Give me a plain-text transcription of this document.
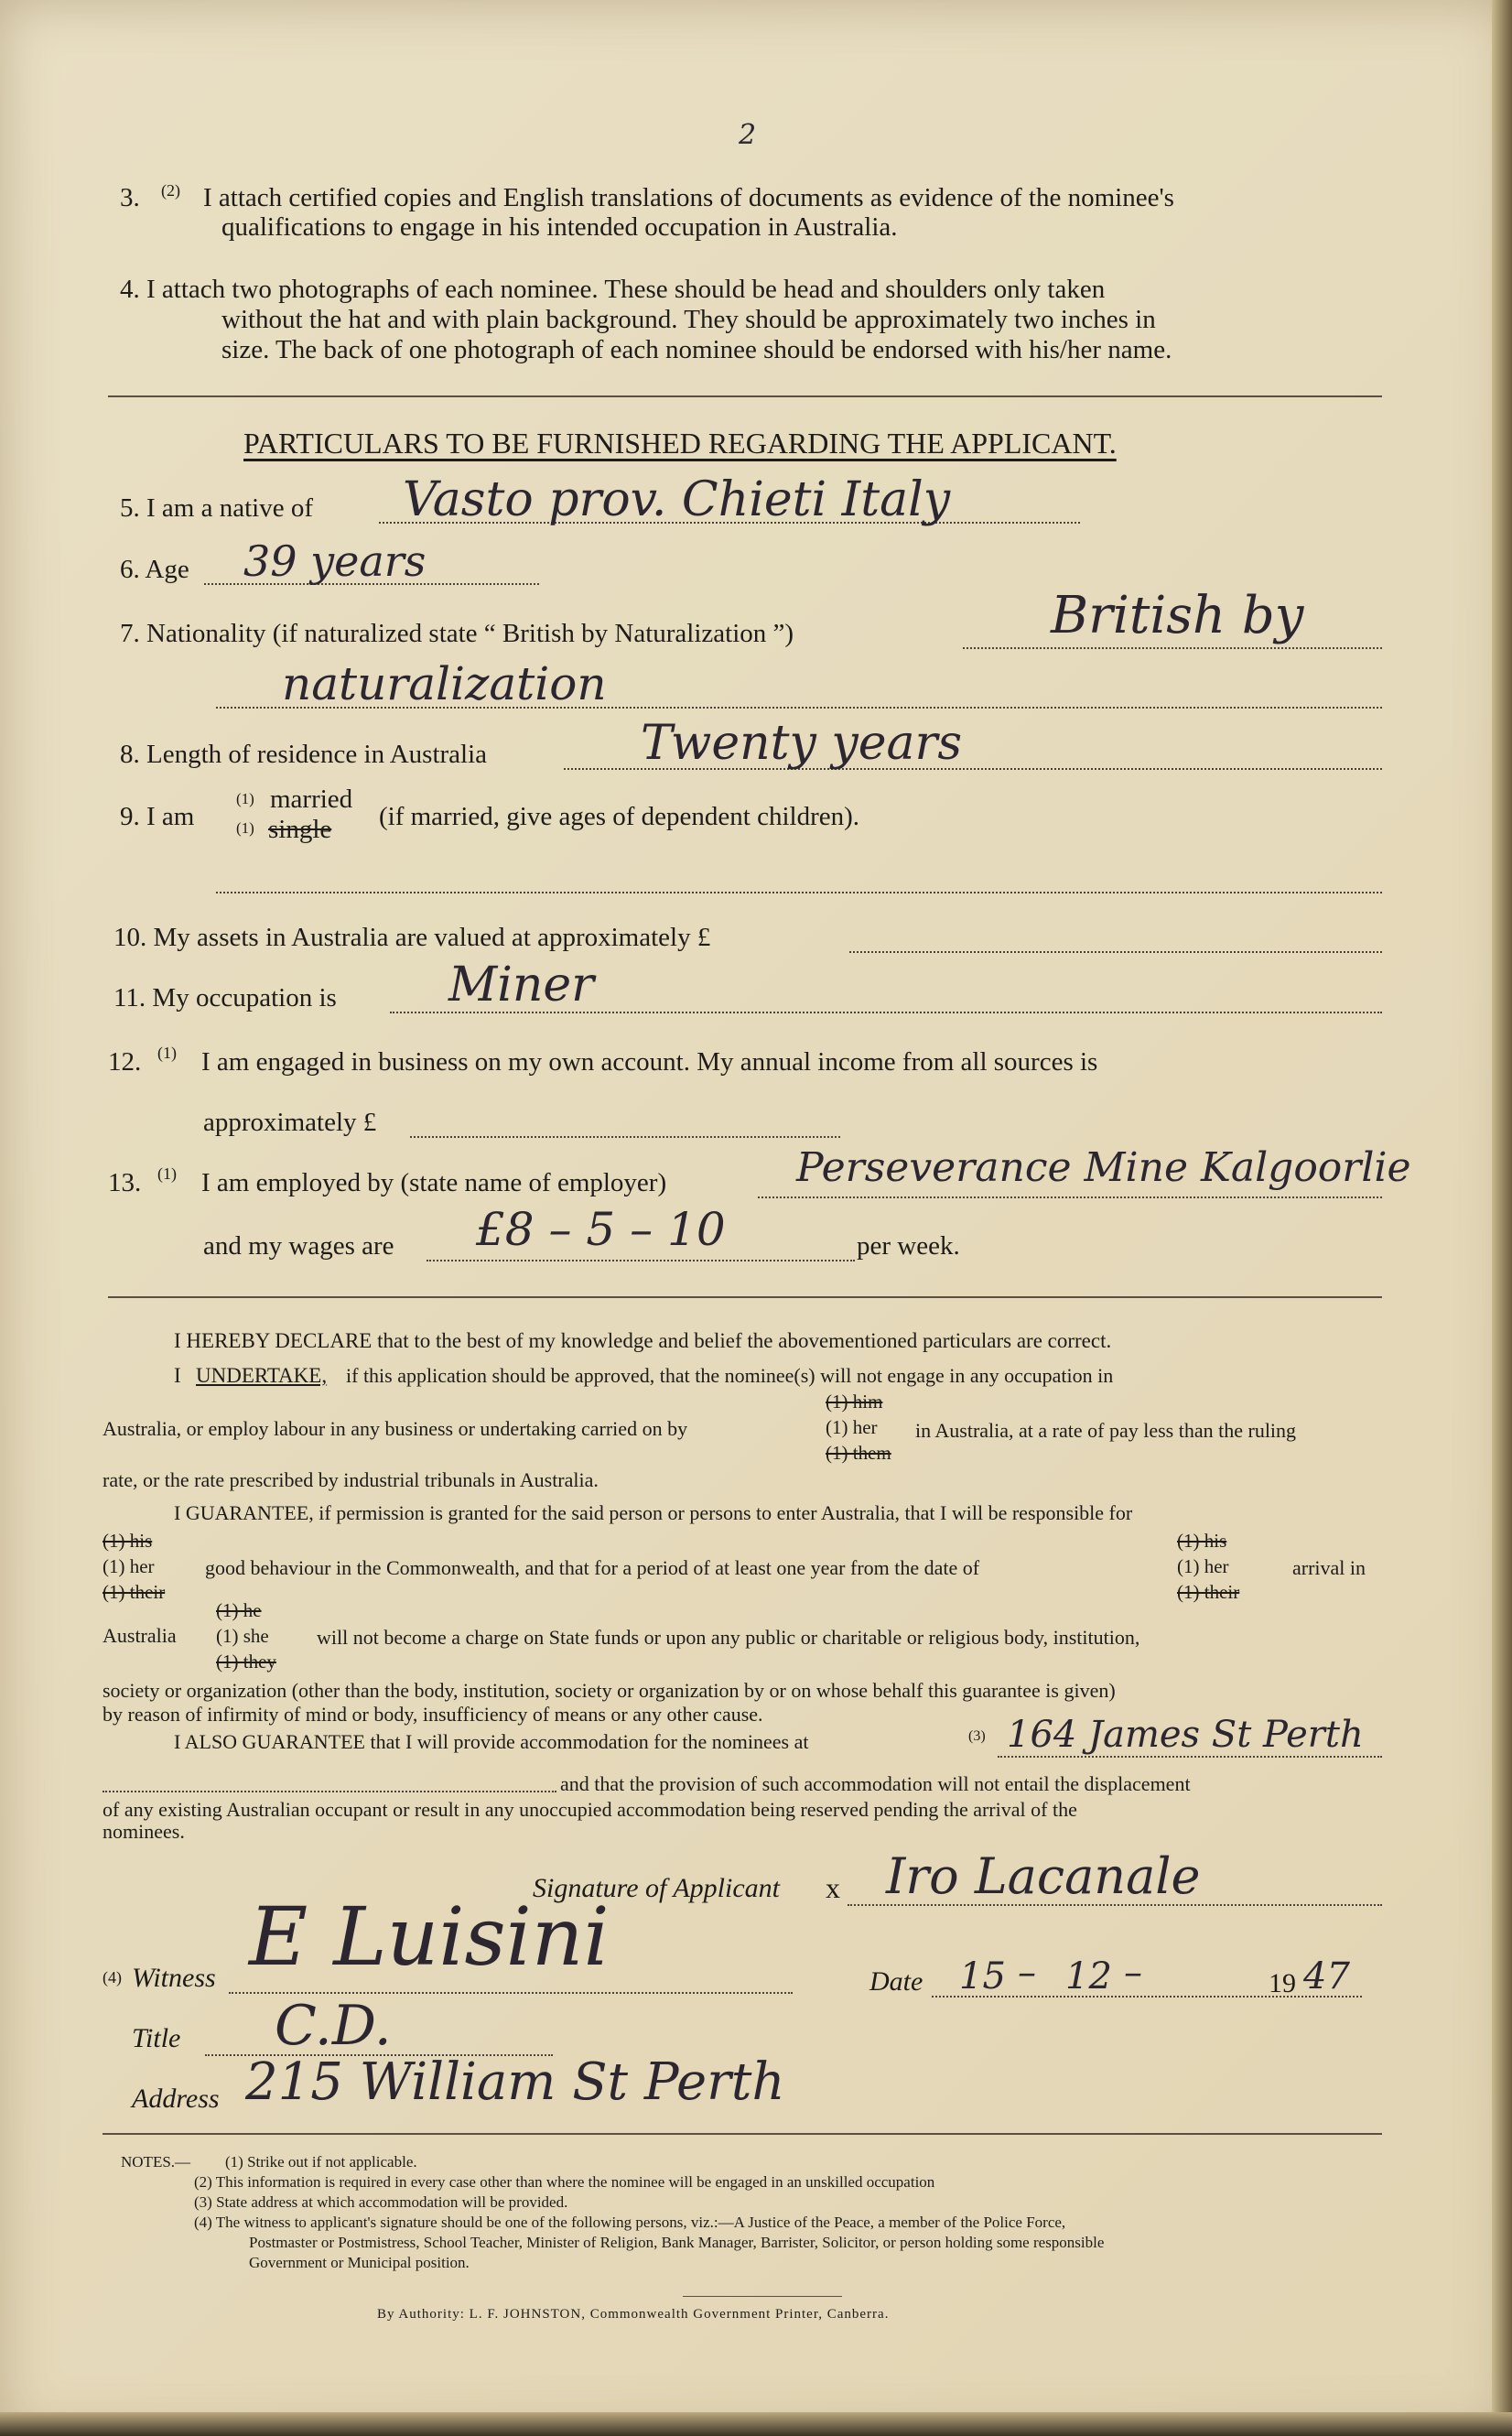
2
3. (2) I attach certified copies and English translations of documents as evidence of the nominee's
qualifications to engage in his intended occupation in Australia.
4. I attach two photographs of each nominee. These should be head and shoulders only taken
without the hat and with plain background. They should be approximately two inches in
size. The back of one photograph of each nominee should be endorsed with his/her name.
PARTICULARS TO BE FURNISHED REGARDING THE APPLICANT.
5. I am a native of Vasto prov. Chieti Italy
6. Age 39 years
7. Nationality (if naturalized state “ British by Naturalization ”)	British by
naturalization
8. Length of residence in Australia	Twenty years
9. I am
(1)
(1)
married
single (if married, give ages of dependent children).
10. My assets in Australia are valued at approximately £
11. My occupation is Miner
12. (1) I am engaged in business on my own account. My annual income from all sources is
approximately £
13. (1) I am employed by (state name of employer)	Perseverance Mine Kalgoorlie
and my wages are £8 – 5 – 10	per week.
I HEREBY DECLARE that to the best of my knowledge and belief the abovementioned particulars are correct.
I UNDERTAKE, if this application should be approved, that the nominee(s) will not engage in any occupation in
Australia, or employ labour in any business or undertaking carried on by
(1) him
(1) her
(1) them
in Australia, at a rate of pay less than the ruling
rate, or the rate prescribed by industrial tribunals in Australia.
I GUARANTEE, if permission is granted for the said person or persons to enter Australia, that I will be responsible for
(1) his
(1) her
(1) their
good behaviour in the Commonwealth, and that for a period of at least one year from the date of
(1) his
(1) her
(1) their
arrival in
Australia
(1) he
(1) she
(1) they
will not become a charge on State funds or upon any public or charitable or religious body, institution,
society or organization (other than the body, institution, society or organization by or on whose behalf this guarantee is given)
by reason of infirmity of mind or body, insufficiency of means or any other cause.
I ALSO GUARANTEE that I will provide accommodation for the nominees at	(3) 164 James St Perth
and that the provision of such accommodation will not entail the displacement
of any existing Australian occupant or result in any unoccupied accommodation being reserved pending the arrival of the
nominees.
Signature of Applicant x Iro Lacanale
(4) Witness E Luisini	Date 15 – 12 –	19 47
Title C.D.
Address 215 William St Perth
NOTES.— (1) Strike out if not applicable.
(2) This information is required in every case other than where the nominee will be engaged in an unskilled occupation
(3) State address at which accommodation will be provided.
(4) The witness to applicant's signature should be one of the following persons, viz.:—A Justice of the Peace, a member of the Police Force,
Postmaster or Postmistress, School Teacher, Minister of Religion, Bank Manager, Barrister, Solicitor, or person holding some responsible
Government or Municipal position.
By Authority: L. F. JOHNSTON, Commonwealth Government Printer, Canberra.
